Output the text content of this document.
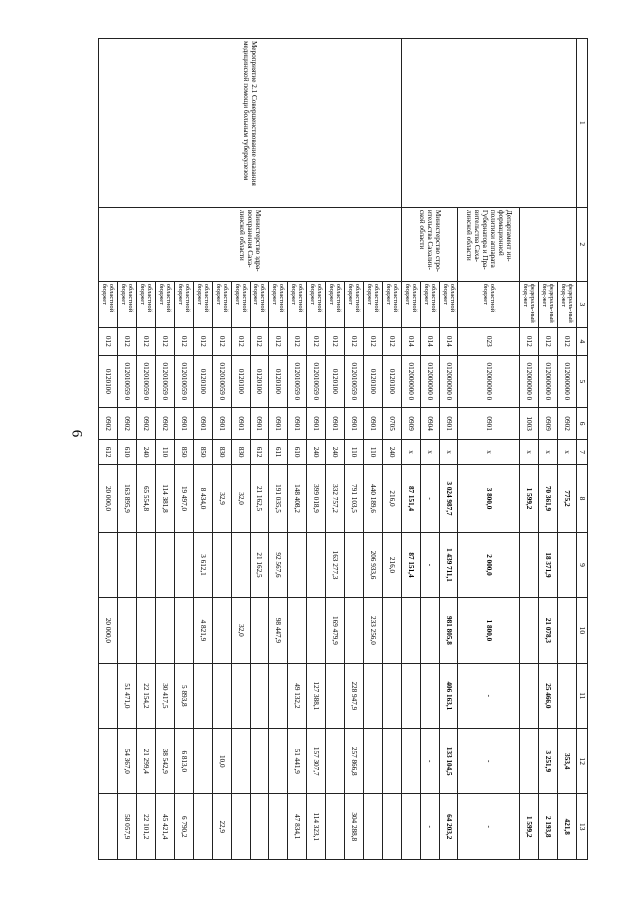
6
1	2	3	4	5	6	7	8	9	10	11	12	13
		федераль-ный бюд-жет	012	012000000 0	0902	х	775,2				353,4	421,8
		федераль-ный бюд-жет	012	012000000 0	0909	х	70 361,9	18 371,9	21 078,3	25 466,0	3 251,9	2 193,8
		федераль-ный бюд-жет	012	012000000 0	1003	х	1 599,2					1 599,2
	Департамент ин-формационной политики аппарата Губернатора и Пра-вительства Саха-линской области	областной бюджет	023	012000000 0	0901	х	3 800,0	2 000,0	1 800,0	-	-	-
	Министерство стро-ительства Сахалин-ской области	областной бюджет	014	012000000 0	0901	х	3 024 987,7	1 439 711,1	981 805,8	406 163,1	133 104,5	64 203,2
		областной бюджет	014	012000000 0	0904	х	-	-			-	-
		областной бюджет	014	012000000 0	0909	х	87 151,4	87 151,4				
Мероприятие 2.1 Совершенствование оказания медицинской помощи больным туберкулезом	Министерство здра-воохранения Саха-линской области	областной бюджет	012	0120100	0705	240	216,0	216,0				
		областной бюджет	012	0120100	0901	110	440 189,6	206 933,6	233 256,0			
		областной бюджет	012	012010059 0	0901	110	791 103,5			228 947,9	257 866,8	304 288,8
		областной бюджет	012	0120100	0901	240	332 757,2	163 277,3	169 479,9			
		областной бюджет	012	012010059 0	0901	240	399 018,9			127 388,1	157 307,7	114 323,1
		областной бюджет	012	012010059 0	0901	610	148 408,2			49 132,2	51 441,9	47 834,1
		областной бюджет	012	0120100	0901	611	191 035,5	92 567,6	98 447,9			
		областной бюджет	012	0120100	0901	612	21 162,5	21 162,5				
		областной бюджет	012	0120100	0901	830	32,0		32,0			
		областной бюджет	012	012010059 0	0901	830	32,9				10,0	22,9
		областной бюджет	012	0120100	0901	850	8 434,0	3 612,1	4 821,9			
		областной бюджет	012	012010059 0	0901	850	19 497,0			5 893,8	6 813,0	6 790,2
		областной бюджет	012	012010059 0	0902	110	114 381,8			30 417,5	38 542,9	45 421,4
		областной бюджет	012	012010059 0	0902	240	65 554,8			22 154,2	21 299,4	22 101,2
		областной бюджет	012	012010059 0	0902	610	163 895,9			51 471,0	54 367,0	58 057,9
		областной бюджет	012	0120100	0902	612	20 000,0		20 000,0			
